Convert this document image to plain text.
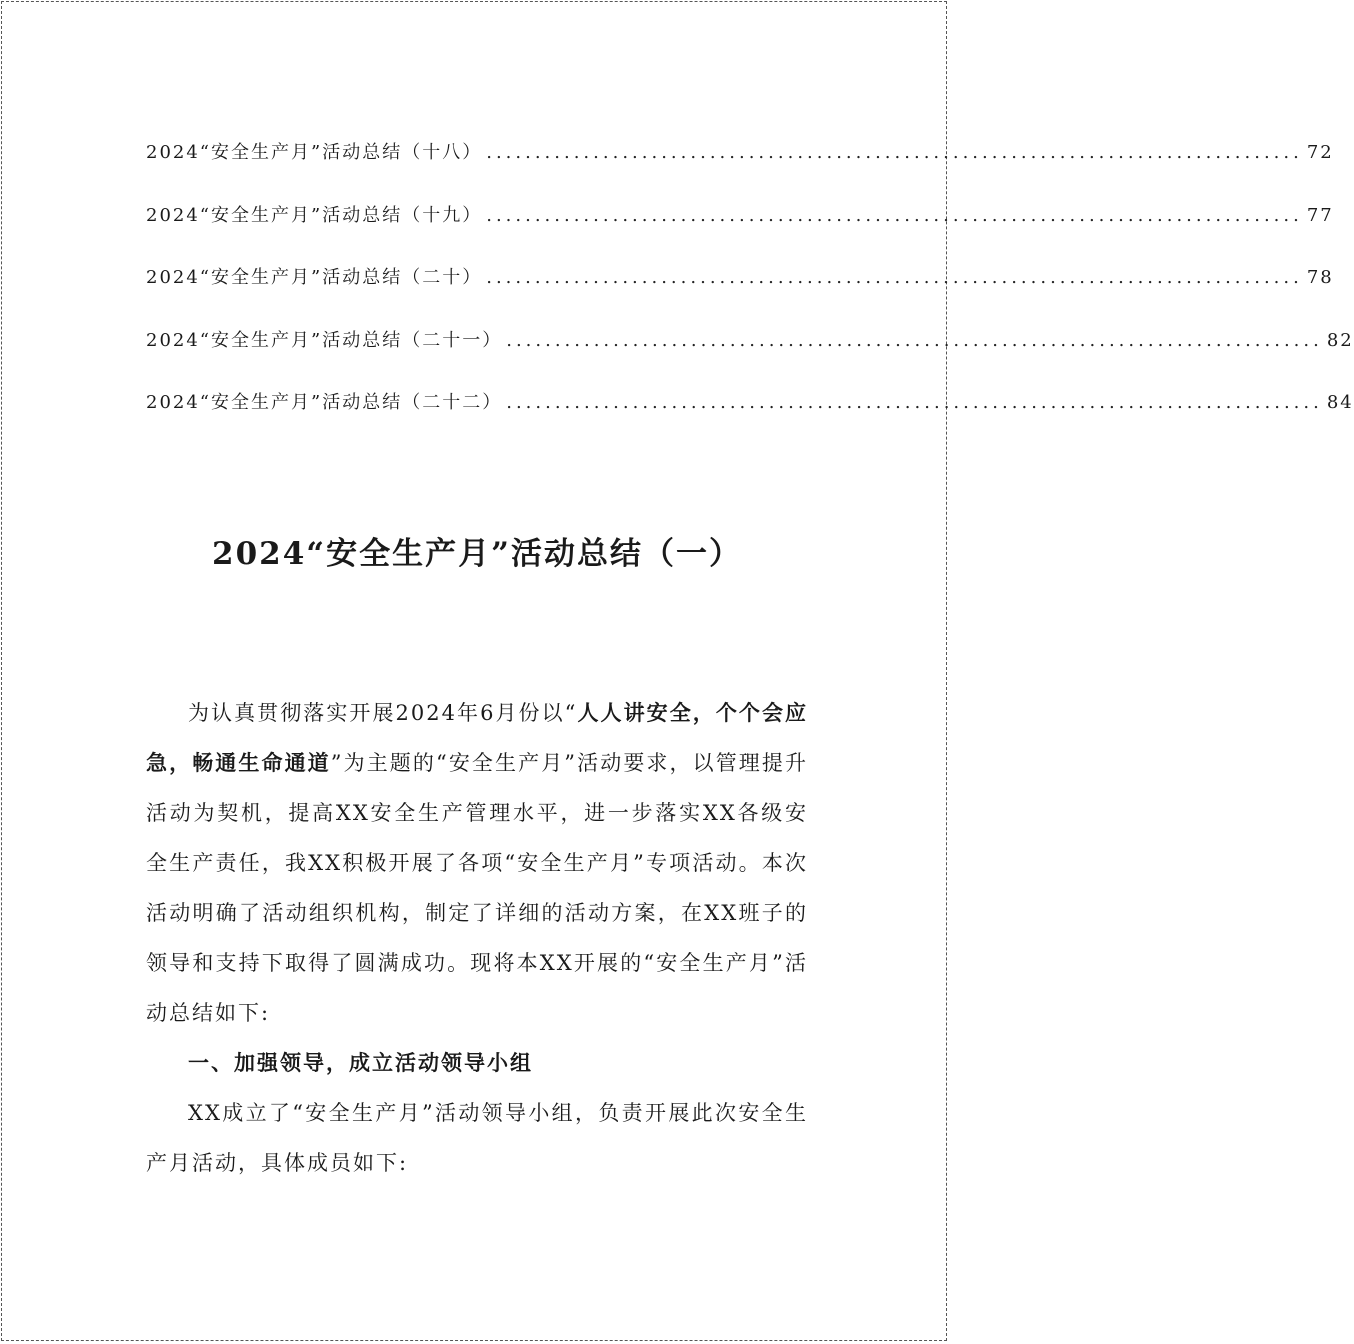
2024“安全生产月”活动总结（十八） .................................................................................... 72
2024“安全生产月”活动总结（十九） .................................................................................... 77
2024“安全生产月”活动总结（二十） .................................................................................... 78
2024“安全生产月”活动总结（二十一） .................................................................................... 82
2024“安全生产月”活动总结（二十二） .................................................................................... 84
2024“安全生产月”活动总结（一）

为认真贯彻落实开展2024年6月份以“人人讲安全，个个会应急，畅通生命通道”为主题的“安全生产月”活动要求，以管理提升活动为契机，提高XX安全生产管理水平，进一步落实XX各级安全生产责任，我XX积极开展了各项“安全生产月”专项活动。本次活动明确了活动组织机构，制定了详细的活动方案，在XX班子的领导和支持下取得了圆满成功。现将本XX开展的“安全生产月”活动总结如下:

一、加强领导，成立活动领导小组

XX成立了“安全生产月”活动领导小组，负责开展此次安全生产月活动，具体成员如下:
